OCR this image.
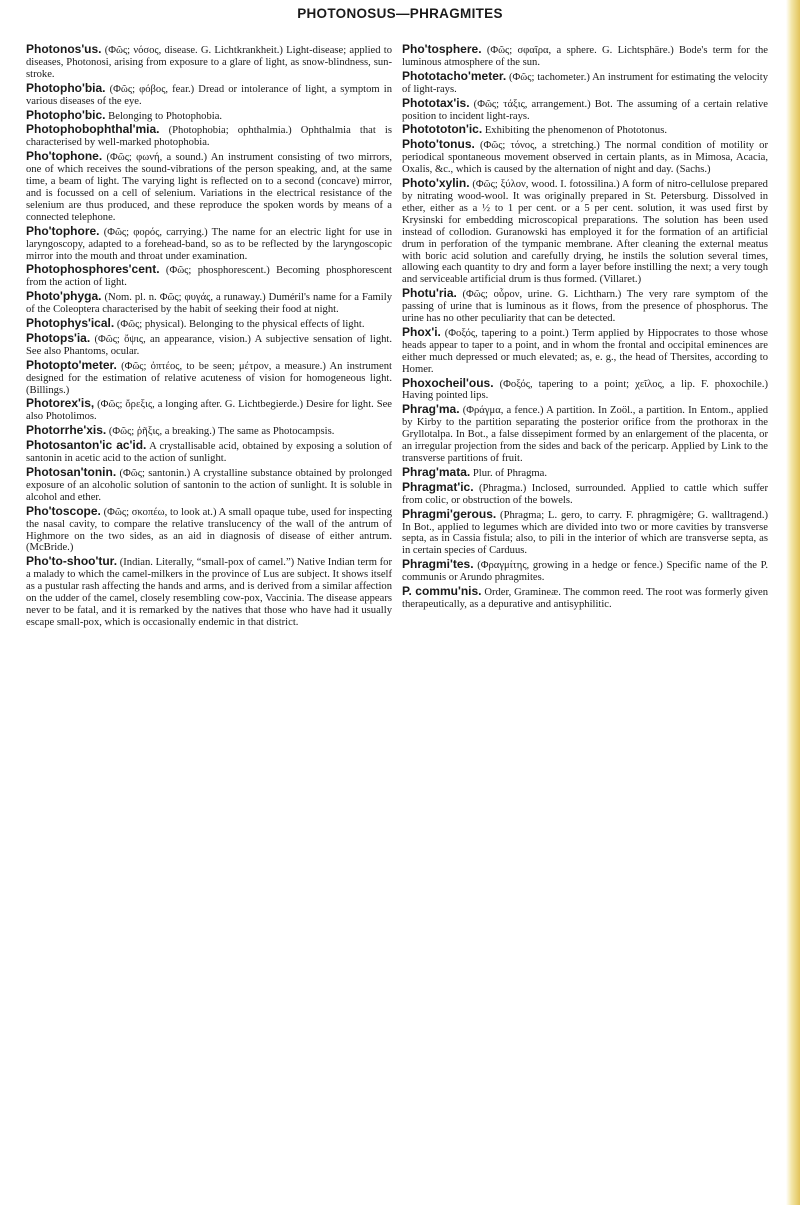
PHOTONOSUS—PHRAGMITES

Photonos'us. (Φῶς; νόσος, disease. G. Lichtkrankheit.) Light-disease; applied to diseases, Photonosi, arising from exposure to a glare of light, as snow-blindness, sun-stroke.

Photopho'bia. (Φῶς; φόβος, fear.) Dread or intolerance of light, a symptom in various diseases of the eye.

Photopho'bic. Belonging to Photophobia.

Photophobophthal'mia. (Photophobia; ophthalmia.) Ophthalmia that is characterised by well-marked photophobia.

Pho'tophone. (Φῶς; φωνή, a sound.) An instrument consisting of two mirrors, one of which receives the sound-vibrations of the person speaking, and, at the same time, a beam of light. The varying light is reflected on to a second (concave) mirror, and is focussed on a cell of selenium. Variations in the electrical resistance of the selenium are thus produced, and these reproduce the spoken words by means of a connected telephone.

Pho'tophore. (Φῶς; φορός, carrying.) The name for an electric light for use in laryngoscopy, adapted to a forehead-band, so as to be reflected by the laryngoscopic mirror into the mouth and throat under examination.

Photophosphores'cent. (Φῶς; phosphorescent.) Becoming phosphorescent from the action of light.

Photo'phyga. (Nom. pl. n. Φῶς; φυγάς, a runaway.) Duméril's name for a Family of the Coleoptera characterised by the habit of seeking their food at night.

Photophys'ical. (Φῶς; physical). Belonging to the physical effects of light.

Photops'ia. (Φῶς; ὄψις, an appearance, vision.) A subjective sensation of light. See also Phantoms, ocular.

Photopto'meter. (Φῶς; ὀπτέος, to be seen; μέτρον, a measure.) An instrument designed for the estimation of relative acuteness of vision for homogeneous light. (Billings.)

Photorex'is, (Φῶς; ὄρεξις, a longing after. G. Lichtbegierde.) Desire for light. See also Photolimos.

Photorrhe'xis. (Φῶς; ῥῆξις, a breaking.) The same as Photocampsis.

Photosanton'ic ac'id. A crystallisable acid, obtained by exposing a solution of santonin in acetic acid to the action of sunlight.

Photosan'tonin. (Φῶς; santonin.) A crystalline substance obtained by prolonged exposure of an alcoholic solution of santonin to the action of sunlight. It is soluble in alcohol and ether.

Pho'toscope. (Φῶς; σκοπέω, to look at.) A small opaque tube, used for inspecting the nasal cavity, to compare the relative translucency of the wall of the antrum of Highmore on the two sides, as an aid in diagnosis of disease of either antrum. (McBride.)

Pho'to-shoo'tur. (Indian. Literally, “small-pox of camel.”) Native Indian term for a malady to which the camel-milkers in the province of Lus are subject. It shows itself as a pustular rash affecting the hands and arms, and is derived from a similar affection on the udder of the camel, closely resembling cow-pox, Vaccinia. The disease appears never to be fatal, and it is remarked by the natives that those who have had it usually escape small-pox, which is occasionally endemic in that district.

Pho'tosphere. (Φῶς; σφαῖρα, a sphere. G. Lichtsphäre.) Bode's term for the luminous atmosphere of the sun.

Phototacho'meter. (Φῶς; tachometer.) An instrument for estimating the velocity of light-rays.

Phototax'is. (Φῶς; τάξις, arrangement.) Bot. The assuming of a certain relative position to incident light-rays.

Photototon'ic. Exhibiting the phenomenon of Phototonus.

Photo'tonus. (Φῶς; τόνος, a stretching.) The normal condition of motility or periodical spontaneous movement observed in certain plants, as in Mimosa, Acacia, Oxalis, &c., which is caused by the alternation of night and day. (Sachs.)

Photo'xylin. (Φῶς; ξύλον, wood. I. fotossilina.) A form of nitro-cellulose prepared by nitrating wood-wool. It was originally prepared in St. Petersburg. Dissolved in ether, either as a ½ to 1 per cent. or a 5 per cent. solution, it was used first by Krysinski for embedding microscopical preparations. The solution has been used instead of collodion. Guranowski has employed it for the formation of an artificial drum in perforation of the tympanic membrane. After cleaning the external meatus with boric acid solution and carefully drying, he instils the solution several times, allowing each quantity to dry and form a layer before instilling the next; a very tough and serviceable artificial drum is thus formed. (Villaret.)

Photu'ria. (Φῶς; οὖρον, urine. G. Lichtharn.) The very rare symptom of the passing of urine that is luminous as it flows, from the presence of phosphorus. The urine has no other peculiarity that can be detected.

Phox'i. (Φοξός, tapering to a point.) Term applied by Hippocrates to those whose heads appear to taper to a point, and in whom the frontal and occipital eminences are either much depressed or much elevated; as, e. g., the head of Thersites, according to Homer.

Phoxocheil'ous. (Φοξός, tapering to a point; χεῖλος, a lip. F. phoxochile.) Having pointed lips.

Phrag'ma. (Φράγμα, a fence.) A partition. In Zoöl., a partition. In Entom., applied by Kirby to the partition separating the posterior orifice from the prothorax in the Gryllotalpa. In Bot., a false dissepiment formed by an enlargement of the placenta, or an irregular projection from the sides and back of the pericarp. Applied by Link to the transverse partitions of fruit.

Phrag'mata. Plur. of Phragma.

Phragmat'ic. (Phragma.) Inclosed, surrounded. Applied to cattle which suffer from colic, or obstruction of the bowels.

Phragmi'gerous. (Phragma; L. gero, to carry. F. phragmigère; G. walltragend.) In Bot., applied to legumes which are divided into two or more cavities by transverse septa, as in Cassia fistula; also, to pili in the interior of which are transverse septa, as in certain species of Carduus.

Phragmi'tes. (Φραγμίτης, growing in a hedge or fence.) Specific name of the P. communis or Arundo phragmites.

P. commu'nis. Order, Gramineæ. The common reed. The root was formerly given therapeutically, as a depurative and antisyphilitic.
